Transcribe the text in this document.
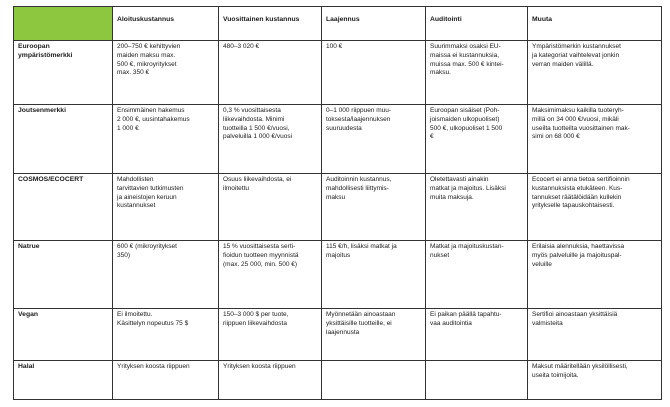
	Aloituskustannus	Vuosittainen kustannus	Laajennus	Auditointi	Muuta
Euroopan
ympäristömerkki	200–750 € kehittyvien
maiden maksu max.
500 €, mikroyritykset
max. 350 €	480–3 020 €	100 €	Suurimmaksi osaksi EU-
maissa ei kustannuksia,
muissa max. 500 € kintei-
maksu.	Ympäristömerkin kustannukset
ja kategoriat vaihtelevat jonkin
verran maiden välillä.
Joutsenmerkki	Ensimmäinen hakemus
2 000 €, uusintahakemus
1 000 €	0,3 % vuosittaisesta
liikevaihdosta. Minimi
tuotteilla 1 500 €/vuosi,
palveluilla 1 000 €/vuosi	0–1 000 riippuen muu-
toksesta/laajennuksen
suuruudesta	Euroopan sisäiset (Poh-
joismaiden ulkopuoliset)
500 €, ulkopuoliset 1 500
€	Maksimimaksu kaikilla tuoteryh-
millä on 34 000 €/vuosi, mikäli
useilta tuotteilta vuosittainen mak-
simi on 68 000 €
COSMOS/ECOCERT	Mahdollisten
tarvittavien tutkimusten
ja aineistojen keruun
kustannukset	Osuus liikevaihdosta, ei
ilmoitettu	Auditoinnin kustannus,
mahdollisesti liittymis-
maksu	Oletettavasti ainakin
matkat ja majoitus. Lisäksi
muita maksuja.	Ecocert ei anna tietoa sertifioinnin
kustannuksista etukäteen. Kus-
tannukset räätälöidään kullekin
yritykselle tapauskohtaisesti.
Natrue	600 € (mikroyritykset
350)	15 % vuosittaisesta serti-
fioidun tuotteen myynnistä
(max. 25 000, min. 500 €)	115 €/h, lisäksi matkat ja
majoitus	Matkat ja majoituskustan-
nukset	Erilaisia alennuksia, haettavissa
myös palveluille ja majoituspal-
veluille
Vegan	Ei ilmoitettu.
Käsittelyn nopeutus 75 $	150–3 000 $ per tuote,
riippuen liikevaihdosta	Myönnetään ainoastaan
yksittäisille tuotteille, ei
laajennusta	Ei paikan päällä tapahtu-
vaa auditointia	Sertifioi ainoastaan yksittäisiä
valmisteita
Halal	Yrityksen koosta riippuen	Yrityksen koosta riippuen			Maksut määritellään yksilöllisesti,
useita toimijoita.
